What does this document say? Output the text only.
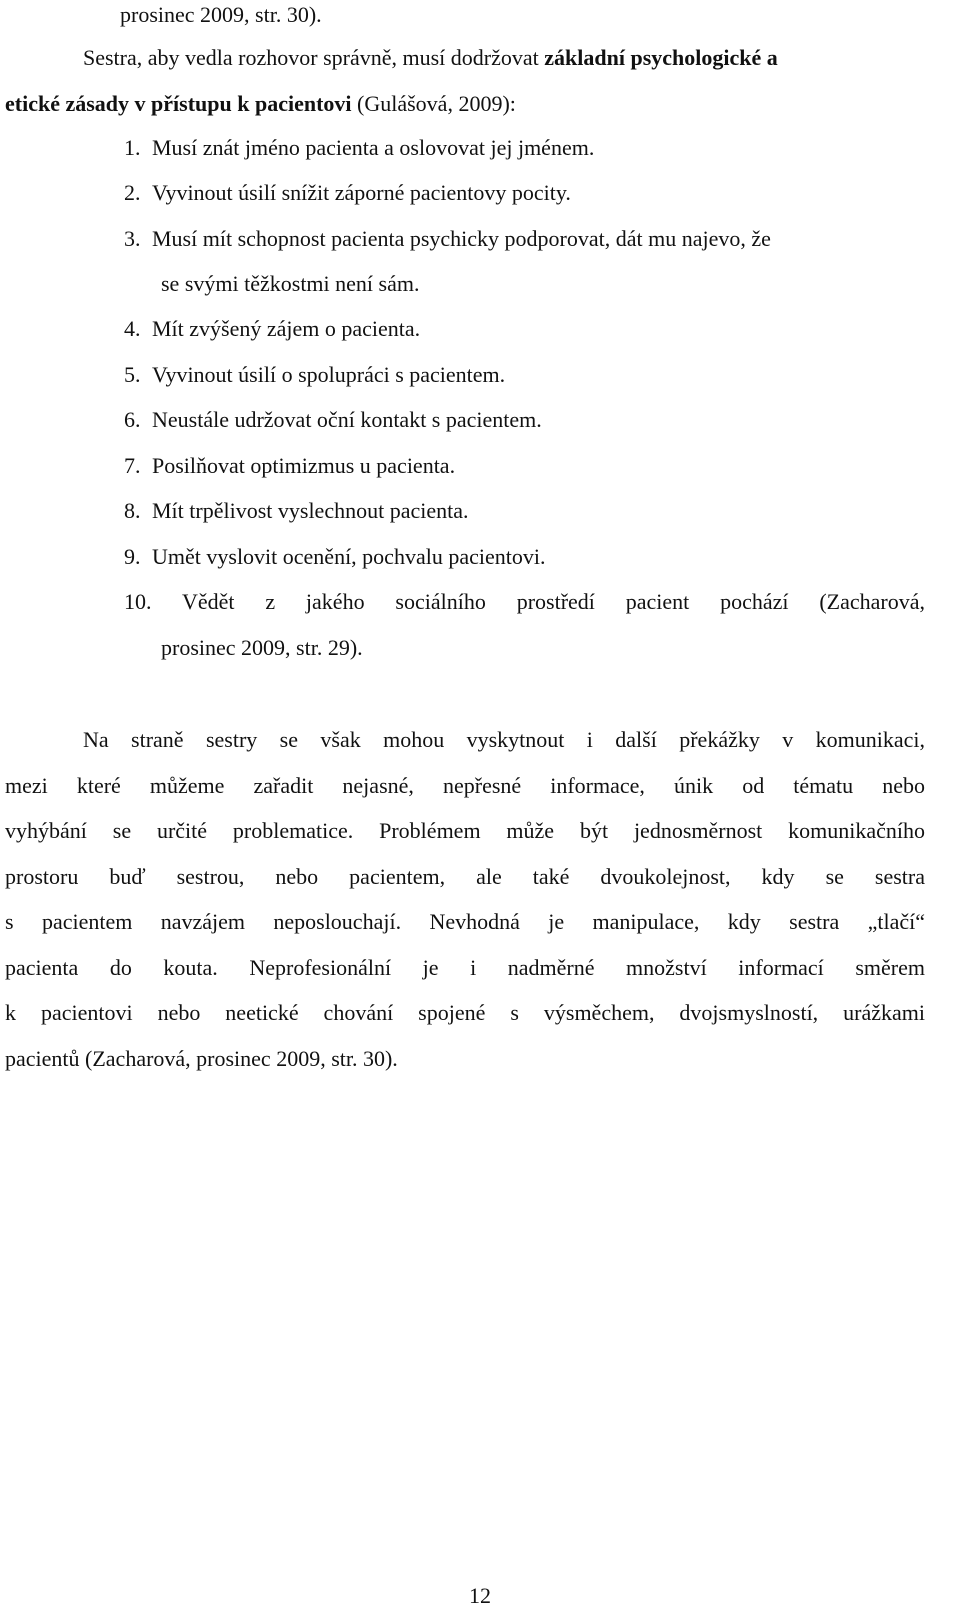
prosinec 2009, str. 30).
Sestra, aby vedla rozhovor správně, musí dodržovat základní psychologické a
etické zásady v přístupu k pacientovi (Gulášová, 2009):
1. Musí znát jméno pacienta a oslovovat jej jménem.
2. Vyvinout úsilí snížit záporné pacientovy pocity.
3. Musí mít schopnost pacienta psychicky podporovat, dát mu najevo, že
se svými těžkostmi není sám.
4. Mít zvýšený zájem o pacienta.
5. Vyvinout úsilí o spolupráci s pacientem.
6. Neustále udržovat oční kontakt s pacientem.
7. Posilňovat optimizmus u pacienta.
8. Mít trpělivost vyslechnout pacienta.
9. Umět vyslovit ocenění, pochvalu pacientovi.
10. Vědět z jakého sociálního prostředí pacient pochází (Zacharová,
prosinec 2009, str. 29).
Na straně sestry se však mohou vyskytnout i další překážky v komunikaci,
mezi které můžeme zařadit nejasné, nepřesné informace, únik od tématu nebo
vyhýbání se určité problematice. Problémem může být jednosměrnost komunikačního
prostoru buď sestrou, nebo pacientem, ale také dvoukolejnost, kdy se sestra
s pacientem navzájem neposlouchají. Nevhodná je manipulace, kdy sestra „tlačí“
pacienta do kouta. Neprofesionální je i nadměrné množství informací směrem
k pacientovi nebo neetické chování spojené s výsměchem, dvojsmyslností, urážkami
pacientů (Zacharová, prosinec 2009, str. 30).
12
